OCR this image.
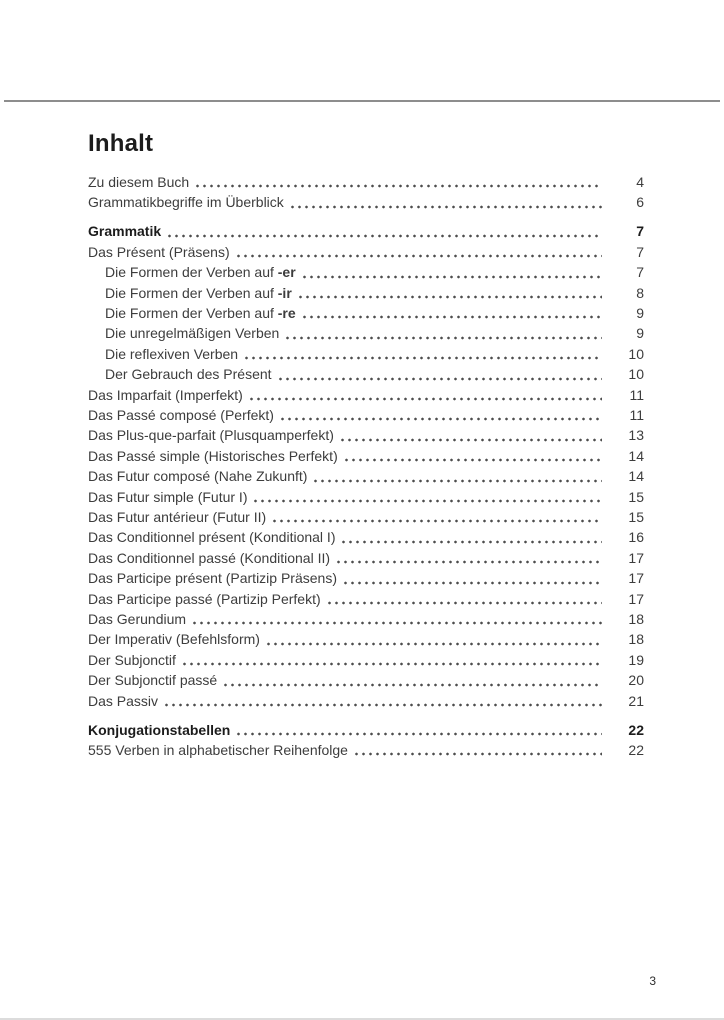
Inhalt
Zu diesem Buch	4
Grammatikbegriffe im Überblick	6
Grammatik	7
Das Présent (Präsens)	7
Die Formen der Verben auf -er	7
Die Formen der Verben auf -ir	8
Die Formen der Verben auf -re	9
Die unregelmäßigen Verben	9
Die reflexiven Verben	10
Der Gebrauch des Présent	10
Das Imparfait (Imperfekt)	11
Das Passé composé (Perfekt)	11
Das Plus-que-parfait (Plusquamperfekt)	13
Das Passé simple (Historisches Perfekt)	14
Das Futur composé (Nahe Zukunft)	14
Das Futur simple (Futur I)	15
Das Futur antérieur (Futur II)	15
Das Conditionnel présent (Konditional I)	16
Das Conditionnel passé (Konditional II)	17
Das Participe présent (Partizip Präsens)	17
Das Participe passé (Partizip Perfekt)	17
Das Gerundium	18
Der Imperativ (Befehlsform)	18
Der Subjonctif	19
Der Subjonctif passé	20
Das Passiv	21
Konjugationstabellen	22
555 Verben in alphabetischer Reihenfolge	22
3
